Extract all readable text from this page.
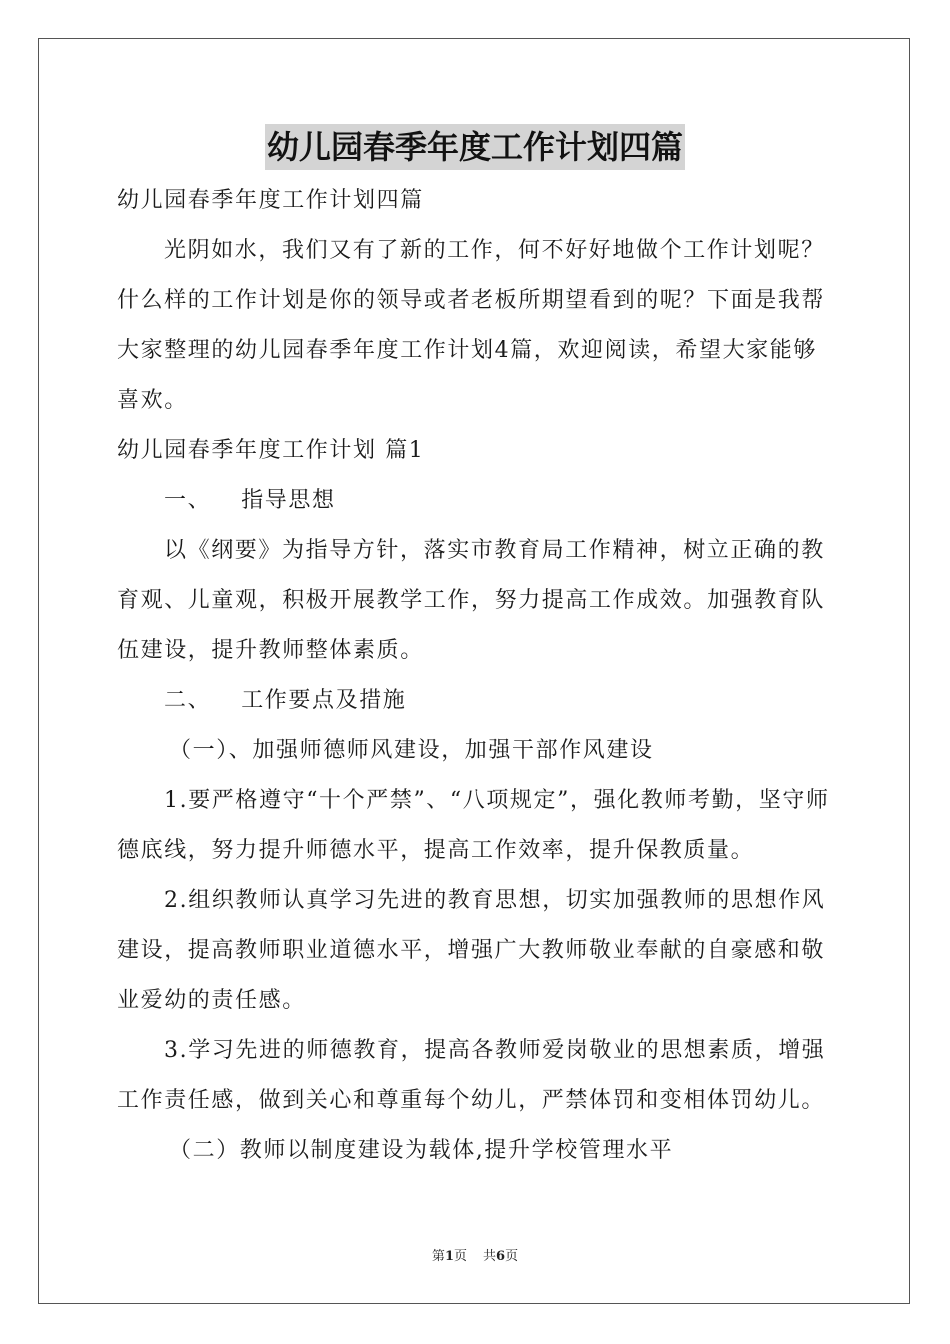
幼儿园春季年度工作计划四篇

幼儿园春季年度工作计划四篇

光阴如水，我们又有了新的工作，何不好好地做个工作计划呢？什么样的工作计划是你的领导或者老板所期望看到的呢？下面是我帮大家整理的幼儿园春季年度工作计划4篇，欢迎阅读，希望大家能够喜欢。

幼儿园春季年度工作计划 篇1

一、 指导思想

以《纲要》为指导方针，落实市教育局工作精神，树立正确的教育观、儿童观，积极开展教学工作，努力提高工作成效。加强教育队伍建设，提升教师整体素质。

二、 工作要点及措施

（一）、加强师德师风建设，加强干部作风建设

1.要严格遵守“十个严禁”、“八项规定”，强化教师考勤，坚守师德底线，努力提升师德水平，提高工作效率，提升保教质量。

2.组织教师认真学习先进的教育思想，切实加强教师的思想作风建设，提高教师职业道德水平，增强广大教师敬业奉献的自豪感和敬业爱幼的责任感。

3.学习先进的师德教育，提高各教师爱岗敬业的思想素质，增强工作责任感，做到关心和尊重每个幼儿，严禁体罚和变相体罚幼儿。

（二）教师以制度建设为载体,提升学校管理水平

第1页 共6页
